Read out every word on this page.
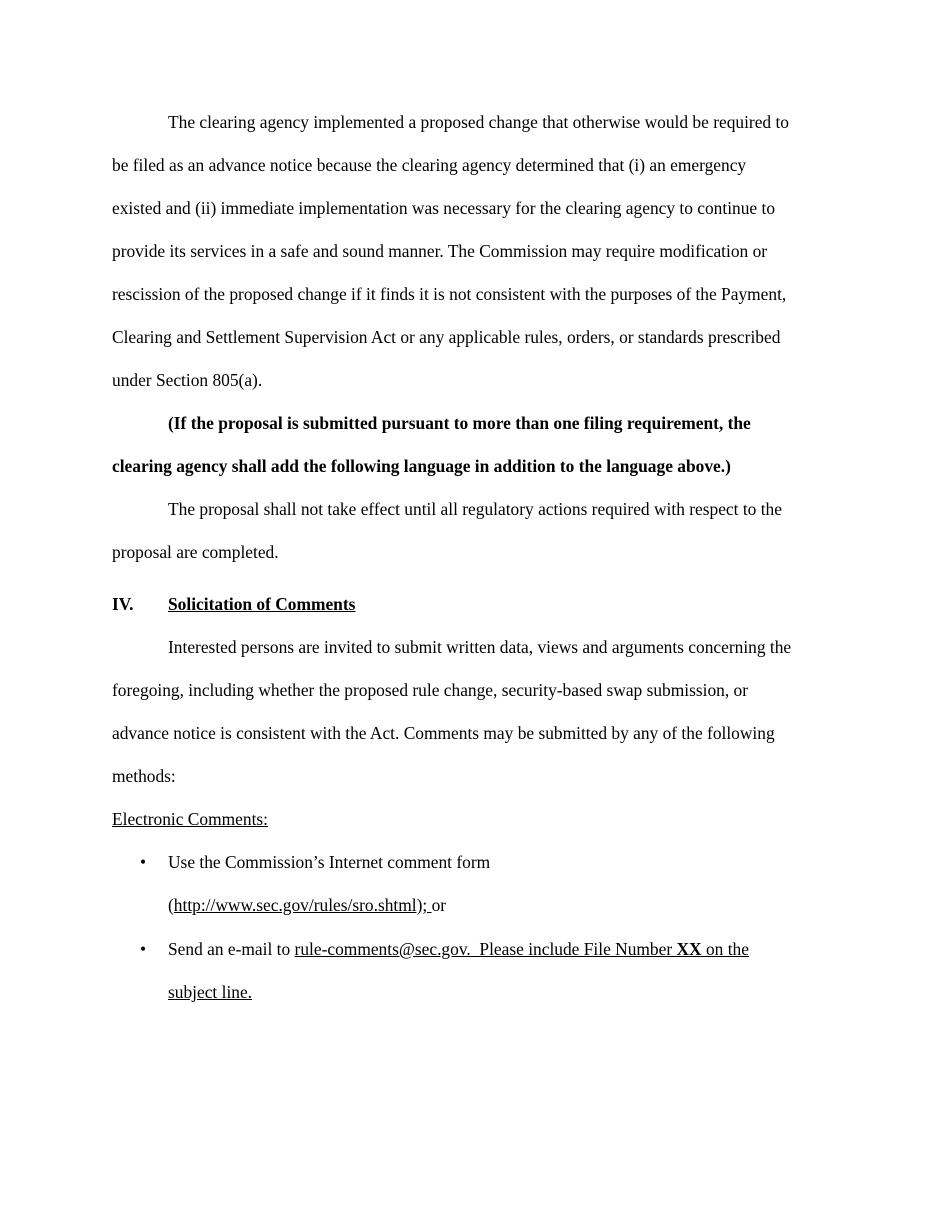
The clearing agency implemented a proposed change that otherwise would be required to
be filed as an advance notice because the clearing agency determined that (i) an emergency
existed and (ii) immediate implementation was necessary for the clearing agency to continue to
provide its services in a safe and sound manner. The Commission may require modification or
rescission of the proposed change if it finds it is not consistent with the purposes of the Payment,
Clearing and Settlement Supervision Act or any applicable rules, orders, or standards prescribed
under Section 805(a).

(If the proposal is submitted pursuant to more than one filing requirement, the
clearing agency shall add the following language in addition to the language above.)

The proposal shall not take effect until all regulatory actions required with respect to the
proposal are completed.

IV. Solicitation of Comments

Interested persons are invited to submit written data, views and arguments concerning the
foregoing, including whether the proposed rule change, security-based swap submission, or
advance notice is consistent with the Act. Comments may be submitted by any of the following
methods:

Electronic Comments:

• Use the Commission’s Internet comment form
(http://www.sec.gov/rules/sro.shtml); or
• Send an e-mail to rule-comments@sec.gov.  Please include File Number XX on the
subject line.
